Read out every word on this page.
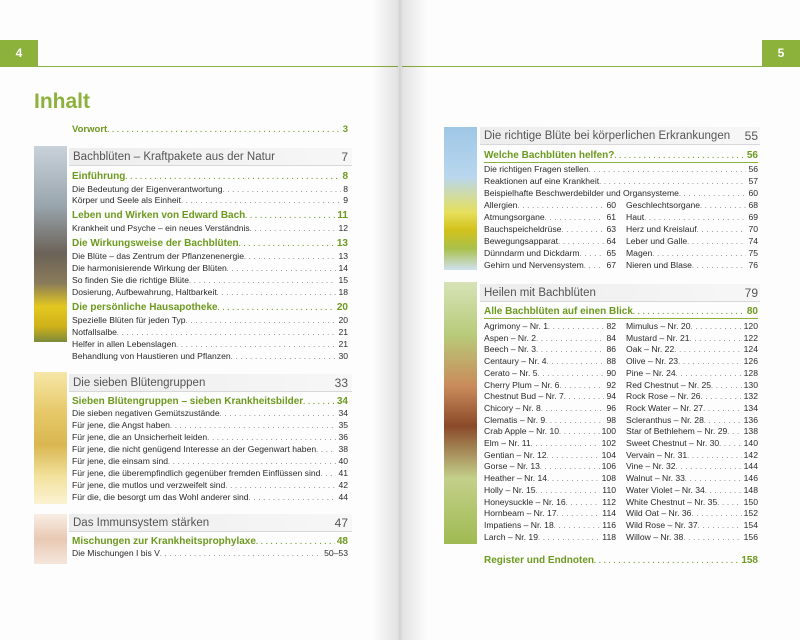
4
Inhalt
Vorwort . . .	3
Bachblüten – Kraftpakete aus der Natur	7
Einführung . . .	8
Die Bedeutung der Eigenverantwortung . . .	8
Körper und Seele als Einheit . . .	9
Leben und Wirken von Edward Bach . . .	11
Krankheit und Psyche – ein neues Verständnis . . .	12
Die Wirkungsweise der Bachblüten . . .	13
Die Blüte – das Zentrum der Pflanzenenergie . . .	13
Die harmonisierende Wirkung der Blüten . . .	14
So finden Sie die richtige Blüte . . .	15
Dosierung, Aufbewahrung, Haltbarkeit . . .	18
Die persönliche Hausapotheke . . .	20
Spezielle Blüten für jeden Typ . . .	20
Notfallsalbe . . .	21
Helfer in allen Lebenslagen . . .	21
Behandlung von Haustieren und Pflanzen . . .	30
Die sieben Blütengruppen	33
Sieben Blütengruppen – sieben Krankheitsbilder . . .	34
Die sieben negativen Gemütszustände . . .	34
Für jene, die Angst haben . . .	35
Für jene, die an Unsicherheit leiden . . .	36
Für jene, die nicht genügend Interesse an der Gegenwart haben . . .	38
Für jene, die einsam sind . . .	40
Für jene, die überempfindlich gegenüber fremden Einflüssen sind . . . 41
Für jene, die mutlos und verzweifelt sind . . .	42
Für die, die besorgt um das Wohl anderer sind . . .	44
Das Immunsystem stärken	47
Mischungen zur Krankheitsprophylaxe . . .	48
Die Mischungen I bis V . . .	50–53
5
Die richtige Blüte bei körperlichen Erkrankungen	55
Welche Bachblüten helfen? . . .	56
Die richtigen Fragen stellen . . .	56
Reaktionen auf eine Krankheit . . .	57
Beispielhafte Beschwerdebilder und Organsysteme . . .	60
Allergien . . .	60
Atmungsorgane . . .	61
Bauchspeicheldrüse . . .	63
Bewegungsapparat . . .	64
Dünndarm und Dickdarm . . .	65
Gehirn und Nervensystem . . .	67
Geschlechtsorgane . . .	68
Haut . . .	69
Herz und Kreislauf . . .	70
Leber und Galle . . .	74
Magen . . .	75
Nieren und Blase . . .	76
Heilen mit Bachblüten	79
Alle Bachblüten auf einen Blick . . .	80
Agrimony – Nr. 1 . . .	82
Aspen – Nr. 2 . . .	84
Beech – Nr. 3 . . .	86
Centaury – Nr. 4 . . .	88
Cerato – Nr. 5 . . .	90
Cherry Plum – Nr. 6 . . .	92
Chestnut Bud – Nr. 7 . . .	94
Chicory – Nr. 8 . . .	96
Clematis – Nr. 9 . . .	98
Crab Apple – Nr. 10 . . .	100
Elm – Nr. 11 . . .	102
Gentian – Nr. 12 . . .	104
Gorse – Nr. 13 . . .	106
Heather – Nr. 14 . . .	108
Holly – Nr. 15 . . .	110
Honeysuckle – Nr. 16 . . .	112
Hornbeam – Nr. 17 . . .	114
Impatiens – Nr. 18 . . .	116
Larch – Nr. 19 . . .	118
Mimulus – Nr. 20 . . .	120
Mustard – Nr. 21 . . .	122
Oak – Nr. 22 . . .	124
Olive – Nr. 23 . . .	126
Pine – Nr. 24 . . .	128
Red Chestnut – Nr. 25 . . .	130
Rock Rose – Nr. 26 . . .	132
Rock Water – Nr. 27 . . .	134
Scleranthus – Nr. 28 . . .	136
Star of Bethlehem – Nr. 29 . . . 138
Sweet Chestnut – Nr. 30 . . .	140
Vervain – Nr. 31 . . .	142
Vine – Nr. 32 . . .	144
Walnut – Nr. 33 . . .	146
Water Violet – Nr. 34 . . .	148
White Chestnut – Nr. 35 . . .	150
Wild Oat – Nr. 36 . . .	152
Wild Rose – Nr. 37 . . .	154
Willow – Nr. 38 . . .	156
Register und Endnoten . . .	158
